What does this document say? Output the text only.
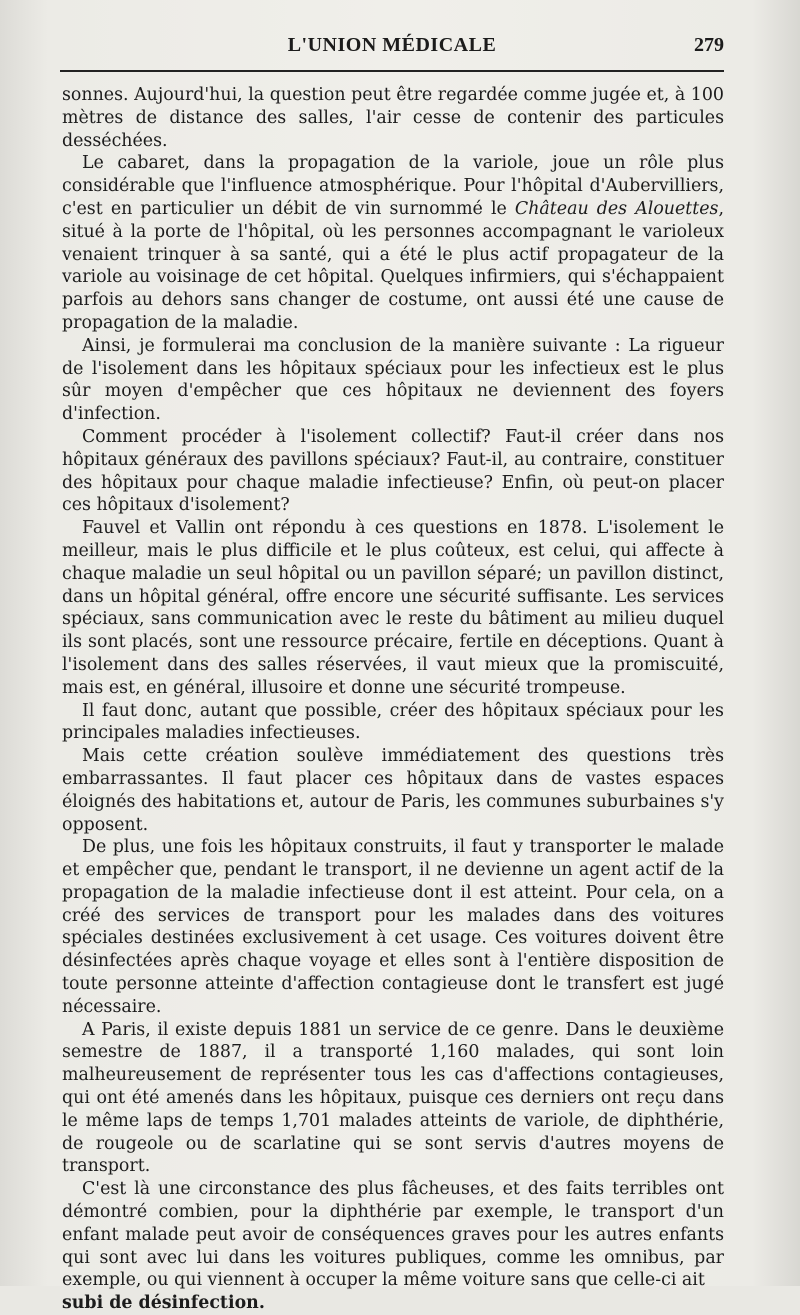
L'UNION MÉDICALE	279

sonnes. Aujourd'hui, la question peut être regardée comme jugée et, à 100 mètres de distance des salles, l'air cesse de contenir des particules desséchées.

Le cabaret, dans la propagation de la variole, joue un rôle plus considérable que l'influence atmosphérique. Pour l'hôpital d'Aubervilliers, c'est en particulier un débit de vin surnommé le Château des Alouettes, situé à la porte de l'hôpital, où les personnes accompagnant le varioleux venaient trinquer à sa santé, qui a été le plus actif propagateur de la variole au voisinage de cet hôpital. Quelques infirmiers, qui s'échappaient parfois au dehors sans changer de costume, ont aussi été une cause de propagation de la maladie.

Ainsi, je formulerai ma conclusion de la manière suivante : La rigueur de l'isolement dans les hôpitaux spéciaux pour les infectieux est le plus sûr moyen d'empêcher que ces hôpitaux ne deviennent des foyers d'infection.

Comment procéder à l'isolement collectif? Faut-il créer dans nos hôpitaux généraux des pavillons spéciaux? Faut-il, au contraire, constituer des hôpitaux pour chaque maladie infectieuse? Enfin, où peut-on placer ces hôpitaux d'isolement?

Fauvel et Vallin ont répondu à ces questions en 1878. L'isolement le meilleur, mais le plus difficile et le plus coûteux, est celui, qui affecte à chaque maladie un seul hôpital ou un pavillon séparé; un pavillon distinct, dans un hôpital général, offre encore une sécurité suffisante. Les services spéciaux, sans communication avec le reste du bâtiment au milieu duquel ils sont placés, sont une ressource précaire, fertile en déceptions. Quant à l'isolement dans des salles réservées, il vaut mieux que la promiscuité, mais est, en général, illusoire et donne une sécurité trompeuse.

Il faut donc, autant que possible, créer des hôpitaux spéciaux pour les principales maladies infectieuses.

Mais cette création soulève immédiatement des questions très embarrassantes. Il faut placer ces hôpitaux dans de vastes espaces éloignés des habitations et, autour de Paris, les communes suburbaines s'y opposent.

De plus, une fois les hôpitaux construits, il faut y transporter le malade et empêcher que, pendant le transport, il ne devienne un agent actif de la propagation de la maladie infectieuse dont il est atteint. Pour cela, on a créé des services de transport pour les malades dans des voitures spéciales destinées exclusivement à cet usage. Ces voitures doivent être désinfectées après chaque voyage et elles sont à l'entière disposition de toute personne atteinte d'affection contagieuse dont le transfert est jugé nécessaire.

A Paris, il existe depuis 1881 un service de ce genre. Dans le deuxième semestre de 1887, il a transporté 1,160 malades, qui sont loin malheureusement de représenter tous les cas d'affections contagieuses, qui ont été amenés dans les hôpitaux, puisque ces derniers ont reçu dans le même laps de temps 1,701 malades atteints de variole, de diphthérie, de rougeole ou de scarlatine qui se sont servis d'autres moyens de transport.

C'est là une circonstance des plus fâcheuses, et des faits terribles ont démontré combien, pour la diphthérie par exemple, le transport d'un enfant malade peut avoir de conséquences graves pour les autres enfants qui sont avec lui dans les voitures publiques, comme les omnibus, par exemple, ou qui viennent à occuper la même voiture sans que celle-ci ait

subi de désinfection.
